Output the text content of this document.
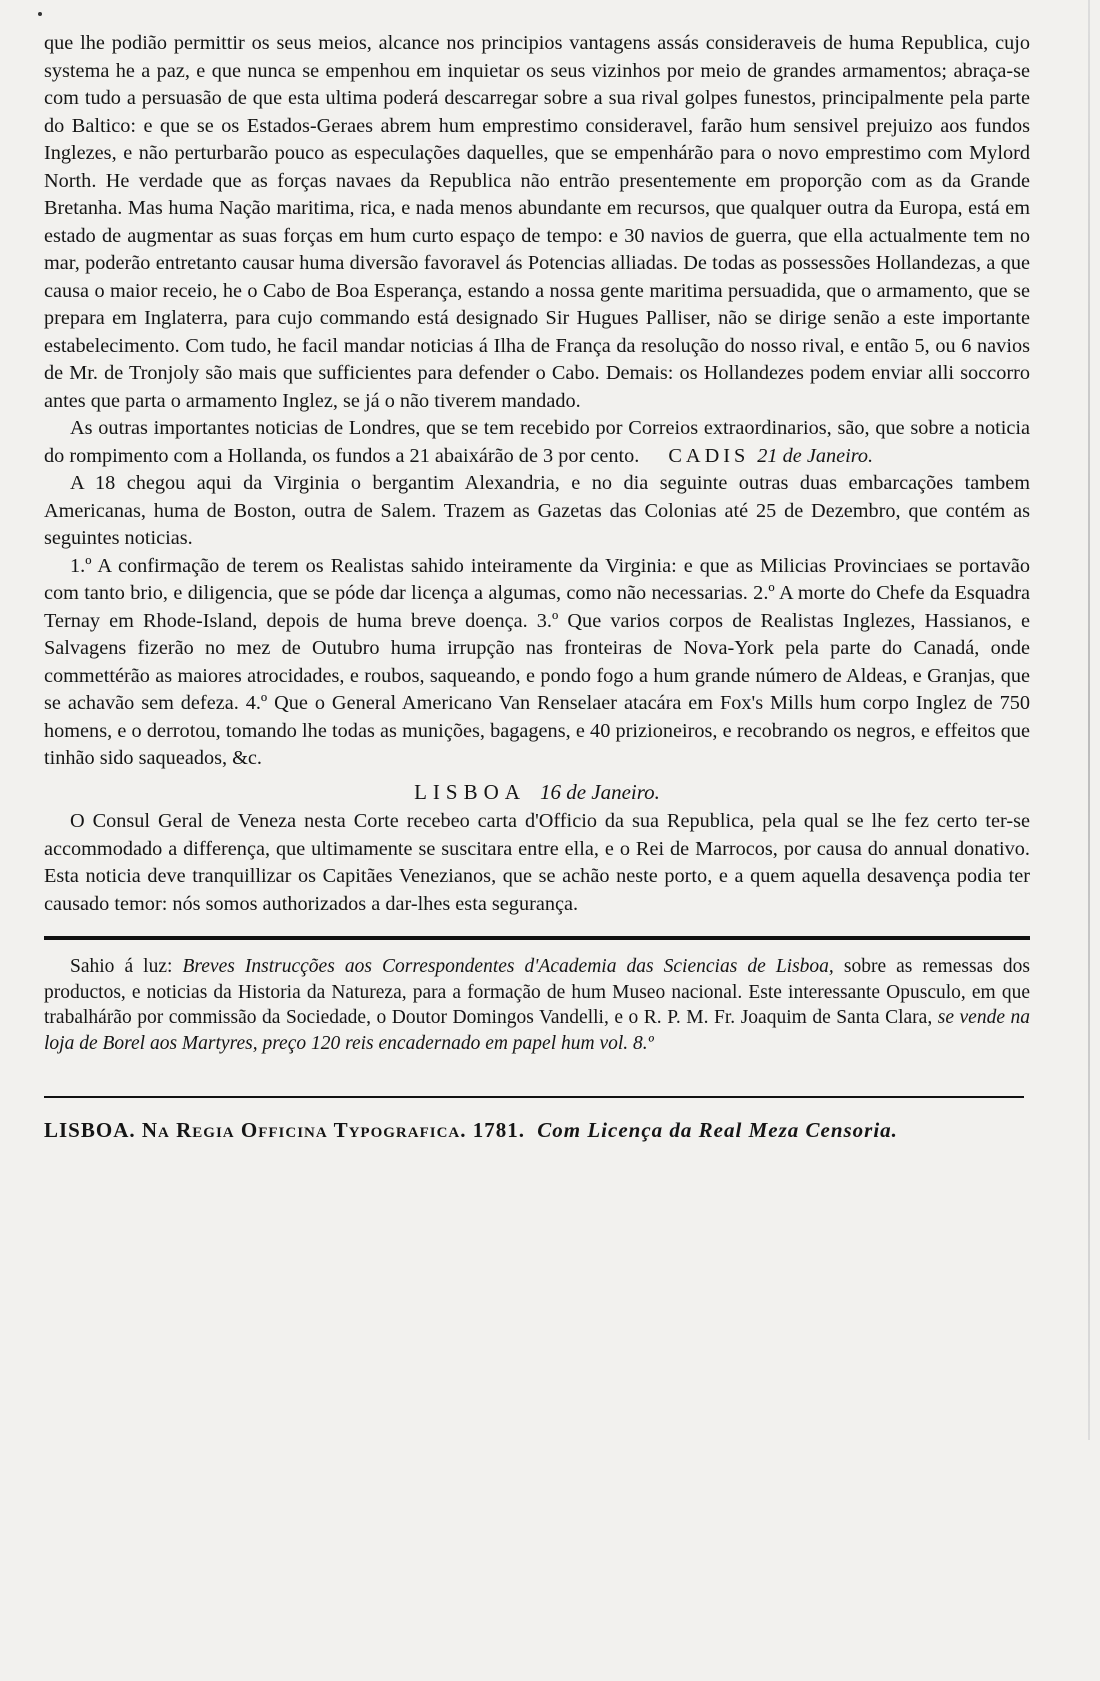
que lhe podião permittir os seus meios, alcance nos principios vantagens assás consideraveis de huma Republica, cujo systema he a paz, e que nunca se empenhou em inquietar os seus vizinhos por meio de grandes armamentos; abraça-se com tudo a persuasão de que esta ultima poderá descarregar sobre a sua rival golpes funestos, principalmente pela parte do Baltico: e que se os Estados-Geraes abrem hum emprestimo consideravel, farão hum sensivel prejuizo aos fundos Inglezes, e não perturbarão pouco as especulações daquelles, que se empenhárão para o novo emprestimo com Mylord North. He verdade que as forças navaes da Republica não entrão presentemente em proporção com as da Grande Bretanha. Mas huma Nação maritima, rica, e nada menos abundante em recursos, que qualquer outra da Europa, está em estado de augmentar as suas forças em hum curto espaço de tempo: e 30 navios de guerra, que ella actualmente tem no mar, poderão entretanto causar huma diversão favoravel ás Potencias alliadas. De todas as possessões Hollandezas, a que causa o maior receio, he o Cabo de Boa Esperança, estando a nossa gente maritima persuadida, que o armamento, que se prepara em Inglaterra, para cujo commando está designado Sir Hugues Palliser, não se dirige senão a este importante estabelecimento. Com tudo, he facil mandar noticias á Ilha de França da resolução do nosso rival, e então 5, ou 6 navios de Mr. de Tronjoly são mais que sufficientes para defender o Cabo. Demais: os Hollandezes podem enviar alli soccorro antes que parta o armamento Inglez, se já o não tiverem mandado.

As outras importantes noticias de Londres, que se tem recebido por Correios extraordinarios, são, que sobre a noticia do rompimento com a Hollanda, os fundos a 21 abaixárão de 3 por cento. CADIS 21 de Janeiro.

A 18 chegou aqui da Virginia o bergantim Alexandria, e no dia seguinte outras duas embarcações tambem Americanas, huma de Boston, outra de Salem. Trazem as Gazetas das Colonias até 25 de Dezembro, que contém as seguintes noticias.

1.º A confirmação de terem os Realistas sahido inteiramente da Virginia: e que as Milicias Provinciaes se portavão com tanto brio, e diligencia, que se póde dar licença a algumas, como não necessarias. 2.º A morte do Chefe da Esquadra Ternay em Rhode-Island, depois de huma breve doença. 3.º Que varios corpos de Realistas Inglezes, Hassianos, e Salvagens fizerão no mez de Outubro huma irrupção nas fronteiras de Nova-York pela parte do Canadá, onde commettérão as maiores atrocidades, e roubos, saqueando, e pondo fogo a hum grande número de Aldeas, e Granjas, que se achavão sem defeza. 4.º Que o General Americano Van Renselaer atacára em Fox's Mills hum corpo Inglez de 750 homens, e o derrotou, tomando lhe todas as munições, bagagens, e 40 prizioneiros, e recobrando os negros, e effeitos que tinhão sido saqueados, &c.

LISBOA 16 de Janeiro.

O Consul Geral de Veneza nesta Corte recebeo carta d'Officio da sua Republica, pela qual se lhe fez certo ter-se accommodado a differença, que ultimamente se suscitara entre ella, e o Rei de Marrocos, por causa do annual donativo. Esta noticia deve tranquillizar os Capitães Venezianos, que se achão neste porto, e a quem aquella desavença podia ter causado temor: nós somos authorizados a dar-lhes esta segurança.

Sahio á luz: Breves Instrucções aos Correspondentes d'Academia das Sciencias de Lisboa, sobre as remessas dos productos, e noticias da Historia da Natureza, para a formação de hum Museo nacional. Este interessante Opusculo, em que trabalhárão por commissão da Sociedade, o Doutor Domingos Vandelli, e o R. P. M. Fr. Joaquim de Santa Clara, se vende na loja de Borel aos Martyres, preço 120 reis encadernado em papel hum vol. 8.º

LISBOA. Na Regia Officina Typografica. 1781. Com Licença da Real Meza Censoria.
